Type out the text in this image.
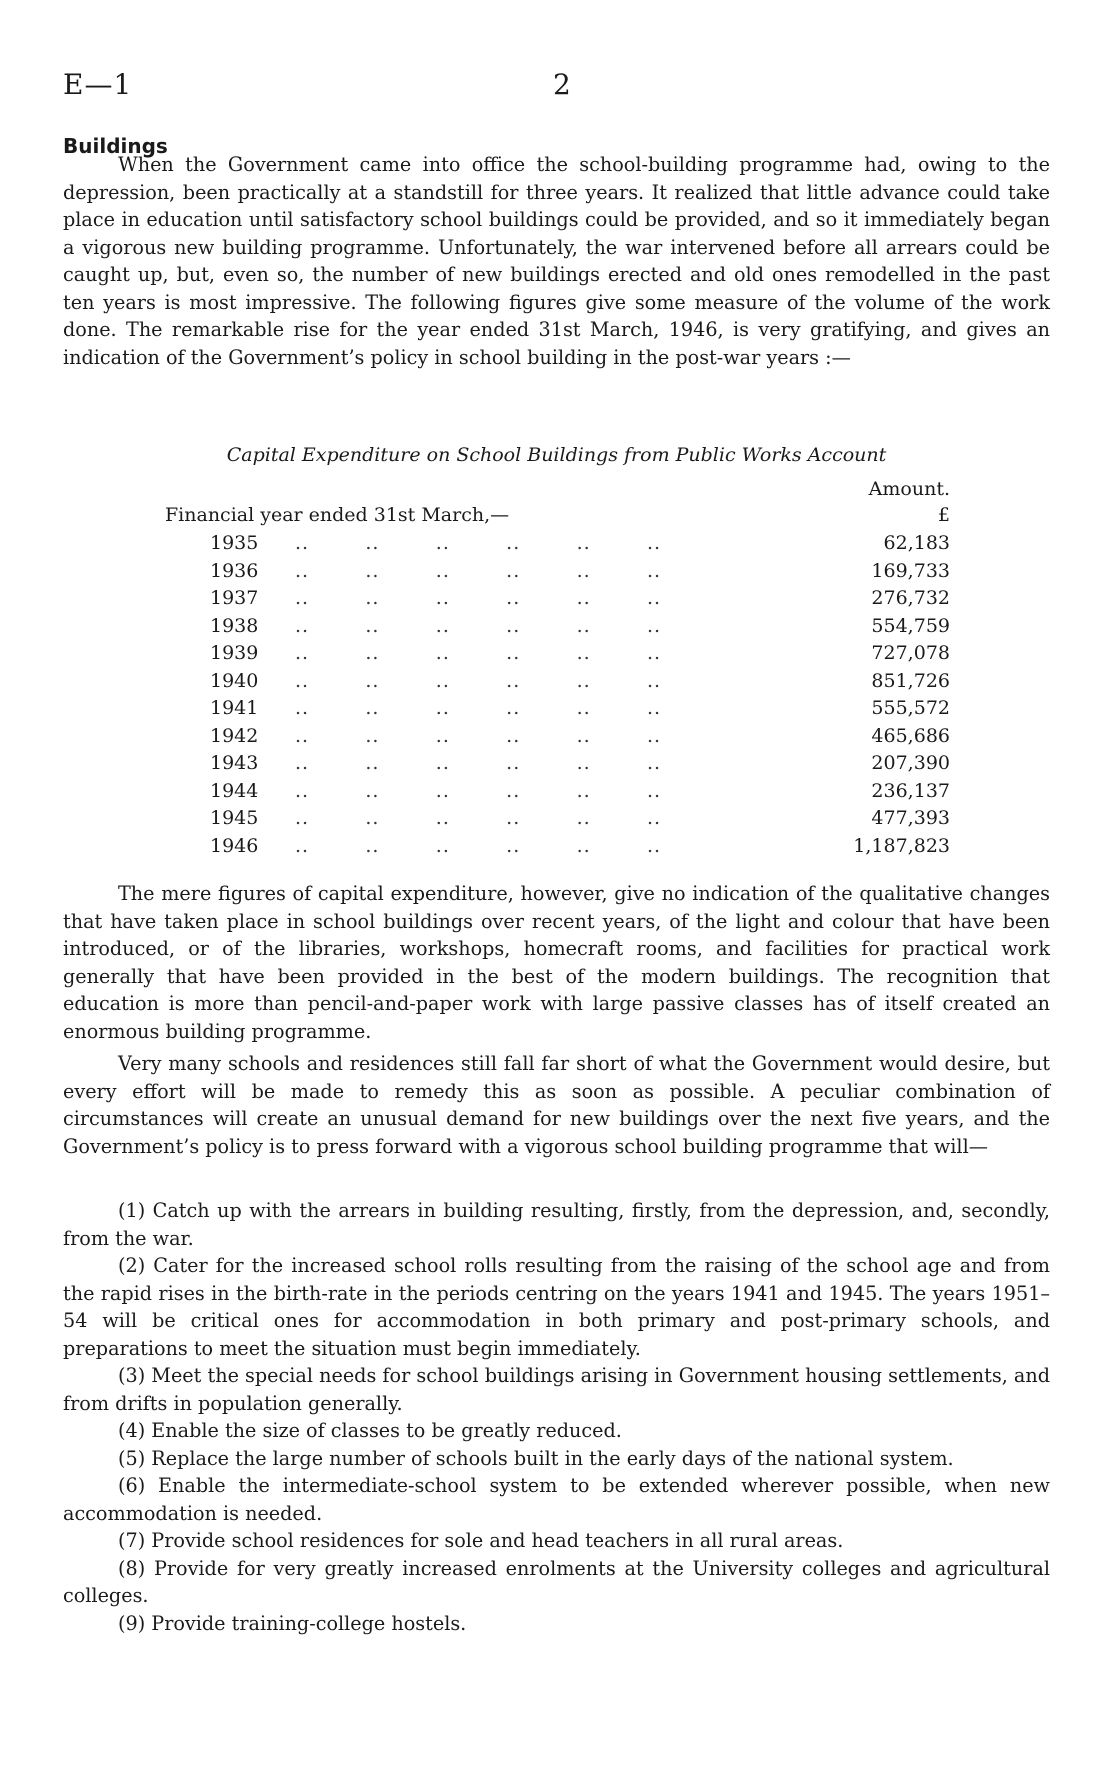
E—1	2
Buildings

When the Government came into office the school-building programme had, owing to the depression, been practically at a standstill for three years. It realized that little advance could take place in education until satisfactory school buildings could be provided, and so it immediately began a vigorous new building programme. Unfortunately, the war intervened before all arrears could be caught up, but, even so, the number of new buildings erected and old ones remodelled in the past ten years is most impressive. The following figures give some measure of the volume of the work done. The remarkable rise for the year ended 31st March, 1946, is very gratifying, and gives an indication of the Government’s policy in school building in the post-war years :—

Capital Expenditure on School Buildings from Public Works Account
Amount.
Financial year ended 31st March,—	£
1935 ..        ..        ..        ..        ..        ..	62,183
1936 ..        ..        ..        ..        ..        ..	169,733
1937 ..        ..        ..        ..        ..        ..	276,732
1938 ..        ..        ..        ..        ..        ..	554,759
1939 ..        ..        ..        ..        ..        ..	727,078
1940 ..        ..        ..        ..        ..        ..	851,726
1941 ..        ..        ..        ..        ..        ..	555,572
1942 ..        ..        ..        ..        ..        ..	465,686
1943 ..        ..        ..        ..        ..        ..	207,390
1944 ..        ..        ..        ..        ..        ..	236,137
1945 ..        ..        ..        ..        ..        ..	477,393
1946 ..        ..        ..        ..        ..        ..	1,187,823

The mere figures of capital expenditure, however, give no indication of the qualitative changes that have taken place in school buildings over recent years, of the light and colour that have been introduced, or of the libraries, workshops, homecraft rooms, and facilities for practical work generally that have been provided in the best of the modern buildings. The recognition that education is more than pencil-and-paper work with large passive classes has of itself created an enormous building programme.

Very many schools and residences still fall far short of what the Government would desire, but every effort will be made to remedy this as soon as possible. A peculiar combination of circumstances will create an unusual demand for new buildings over the next five years, and the Government’s policy is to press forward with a vigorous school building programme that will—

(1) Catch up with the arrears in building resulting, firstly, from the depression, and, secondly, from the war.

(2) Cater for the increased school rolls resulting from the raising of the school age and from the rapid rises in the birth-rate in the periods centring on the years 1941 and 1945. The years 1951–54 will be critical ones for accommodation in both primary and post-primary schools, and preparations to meet the situation must begin immediately.

(3) Meet the special needs for school buildings arising in Government housing settlements, and from drifts in population generally.

(4) Enable the size of classes to be greatly reduced.

(5) Replace the large number of schools built in the early days of the national system.

(6) Enable the intermediate-school system to be extended wherever possible, when new accommodation is needed.

(7) Provide school residences for sole and head teachers in all rural areas.

(8) Provide for very greatly increased enrolments at the University colleges and agricultural colleges.

(9) Provide training-college hostels.
